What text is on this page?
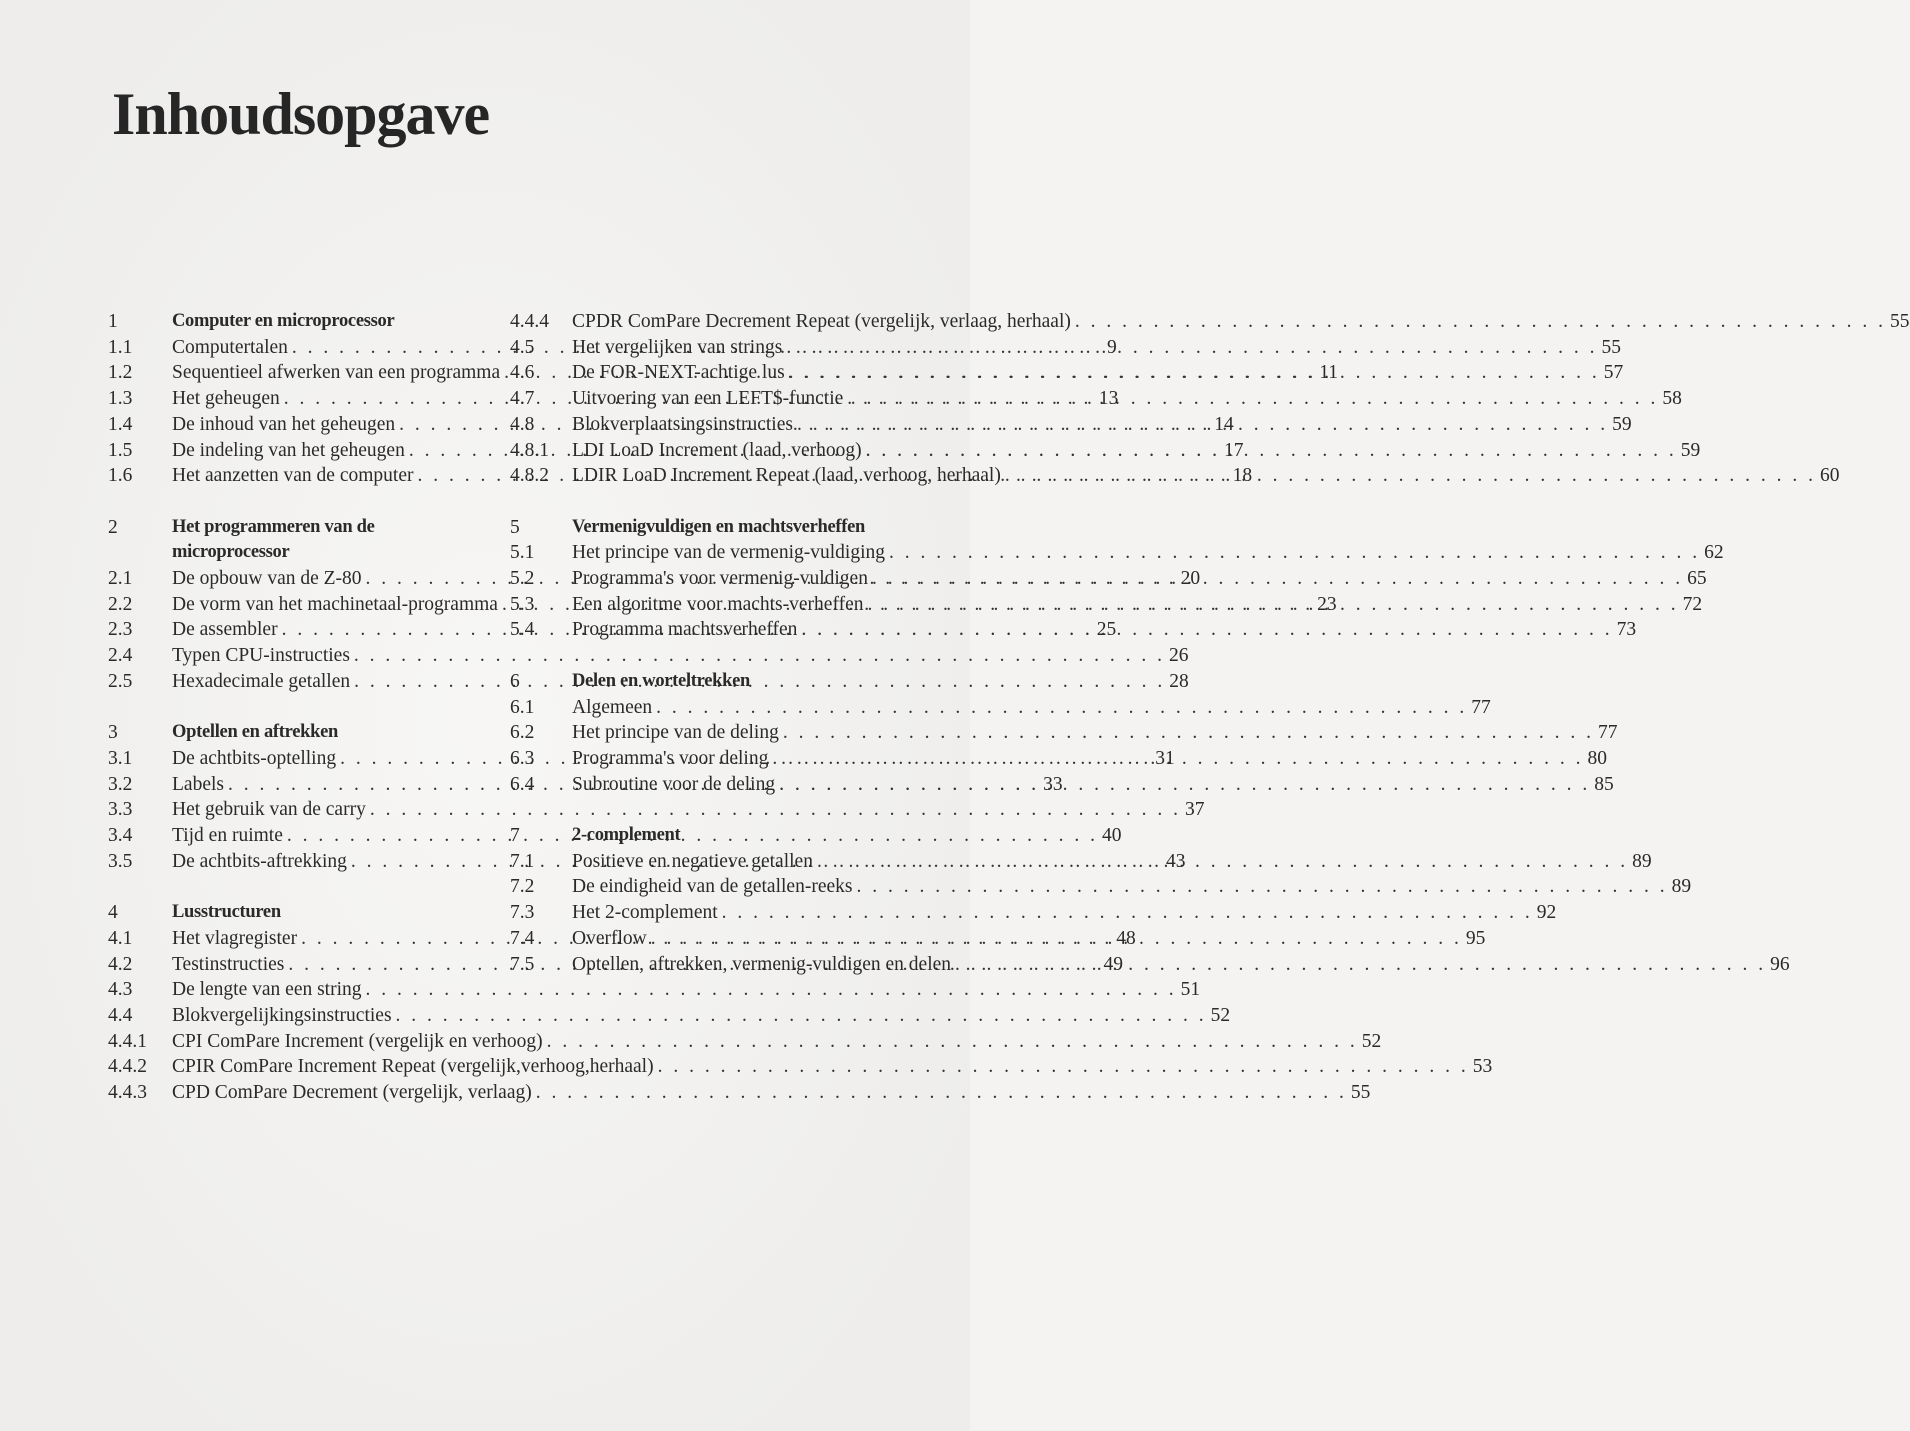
Inhoudsopgave
1	Computer en microprocessor
1.1	Computertalen . . .	9
1.2	Sequentieel afwerken van een programma . . .	11
1.3	Het geheugen . . .	13
1.4	De inhoud van het geheugen . . .	14
1.5	De indeling van het geheugen . . .	17
1.6	Het aanzetten van de computer . . .	18
2	Het programmeren van de microprocessor
2.1	De opbouw van de Z-80 . . .	20
2.2	De vorm van het machinetaal-programma . . .	23
2.3	De assembler . . .	25
2.4	Typen CPU-instructies . . .	26
2.5	Hexadecimale getallen . . .	28
3	Optellen en aftrekken
3.1	De achtbits-optelling . . .	31
3.2	Labels . . .	33
3.3	Het gebruik van de carry . . .	37
3.4	Tijd en ruimte . . .	40
3.5	De achtbits-aftrekking . . .	43
4	Lusstructuren
4.1	Het vlagregister . . .	48
4.2	Testinstructies . . .	49
4.3	De lengte van een string . . .	51
4.4	Blokvergelijkingsinstructies . . .	52
4.4.1	CPI ComPare Increment (vergelijk en verhoog) . . .	52
4.4.2	CPIR ComPare Increment Repeat (vergelijk,verhoog,herhaal) . . .	53
4.4.3	CPD ComPare Decrement (vergelijk, verlaag) . . .	55
4.4.4	CPDR ComPare Decrement Repeat (vergelijk, verlaag, herhaal) . . .	55
4.5	Het vergelijken van strings . . .	55
4.6	De FOR-NEXT-achtige lus . . .	57
4.7	Uitvoering van een LEFT$-functie . . .	58
4.8	Blokverplaatsingsinstructies . . .	59
4.8.1	LDI LoaD Increment (laad, verhoog) . . .	59
4.8.2	LDIR LoaD Increment Repeat (laad, verhoog, herhaal) . . .	60
5	Vermenigvuldigen en machtsverheffen
5.1	Het principe van de vermenig-vuldiging . . .	62
5.2	Programma's voor vermenig-vuldigen . . .	65
5.3	Een algoritme voor machts-verheffen . . .	72
5.4	Programma machtsverheffen . . .	73
6	Delen en worteltrekken
6.1	Algemeen . . .	77
6.2	Het principe van de deling . . .	77
6.3	Programma's voor deling . . .	80
6.4	Subroutine voor de deling . . .	85
7	2-complement
7.1	Positieve en negatieve getallen . . .	89
7.2	De eindigheid van de getallen-reeks . . .	89
7.3	Het 2-complement . . .	92
7.4	Overflow . . .	95
7.5	Optellen, aftrekken, vermenig-vuldigen en delen . . .	96
